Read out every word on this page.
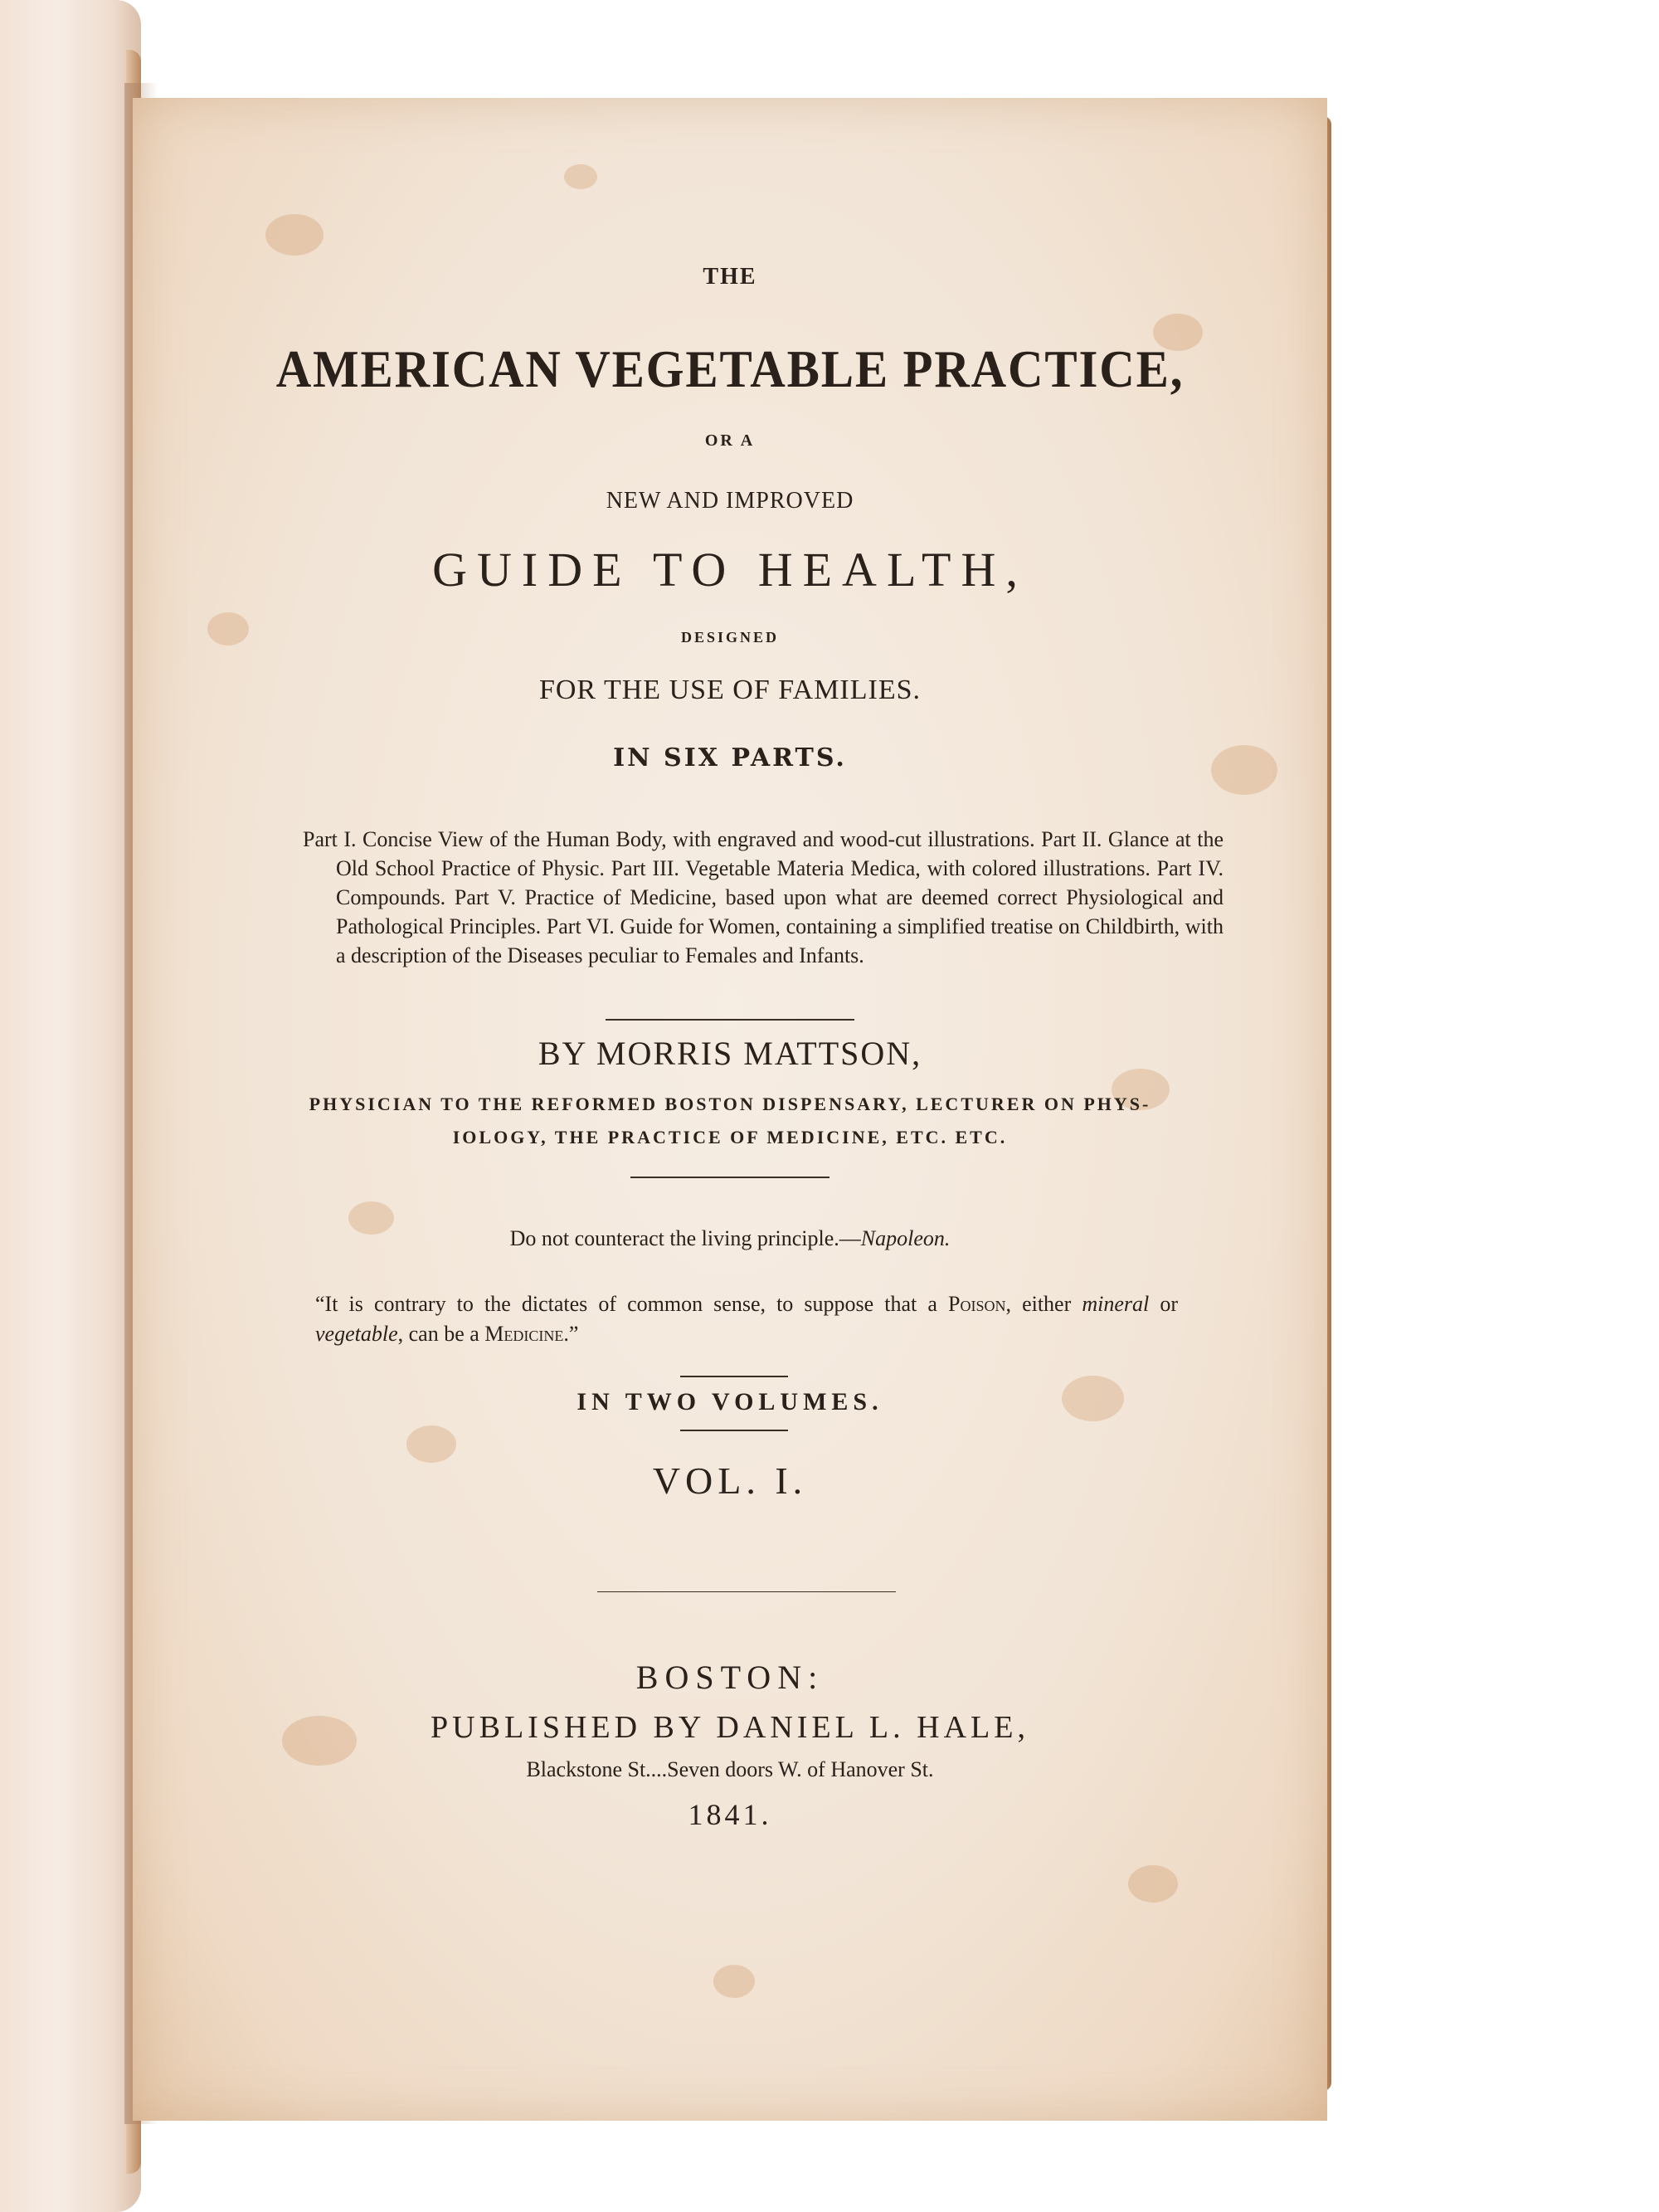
THE

AMERICAN VEGETABLE PRACTICE,

OR A

NEW AND IMPROVED

GUIDE TO HEALTH,

DESIGNED

FOR THE USE OF FAMILIES.

IN SIX PARTS.

Part I. Concise View of the Human Body, with engraved and wood-cut illustrations. Part II. Glance at the Old School Practice of Physic. Part III. Vegetable Materia Medica, with colored illustrations. Part IV. Compounds. Part V. Practice of Medicine, based upon what are deemed correct Physiological and Pathological Principles. Part VI. Guide for Women, containing a simplified treatise on Childbirth, with a description of the Diseases peculiar to Females and Infants.

BY MORRIS MATTSON,

PHYSICIAN TO THE REFORMED BOSTON DISPENSARY, LECTURER ON PHYS-

IOLOGY, THE PRACTICE OF MEDICINE, ETC. ETC.

Do not counteract the living principle.—Napoleon.

“It is contrary to the dictates of common sense, to suppose that a Poison, either mineral or vegetable, can be a Medicine.”

IN TWO VOLUMES.

VOL. I.

BOSTON:

PUBLISHED BY DANIEL L. HALE,

Blackstone St....Seven doors W. of Hanover St.

1841.
